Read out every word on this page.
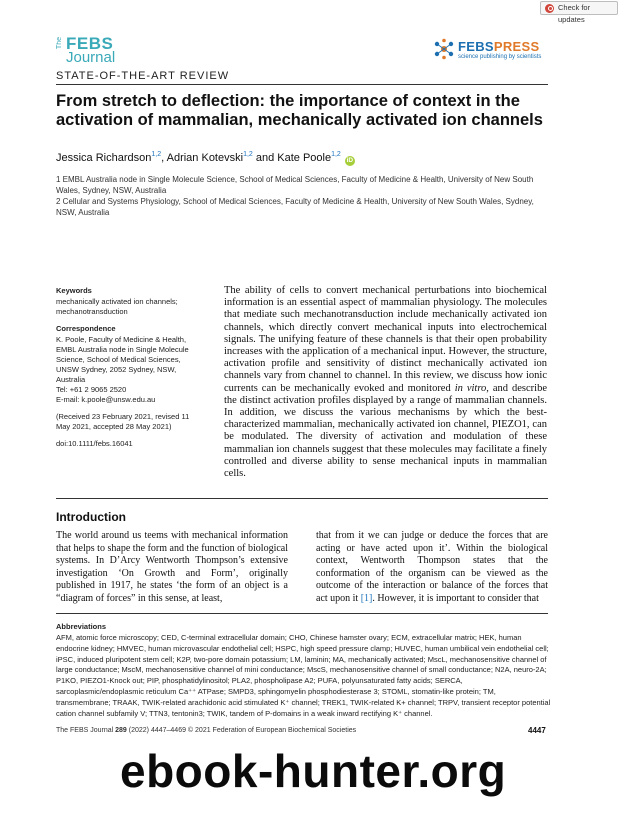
Check for updates
The FEBS
Journal
FEBSPRESS
science publishing by scientists
STATE-OF-THE-ART REVIEW
From stretch to deflection: the importance of context in the activation of mammalian, mechanically activated ion channels
Jessica Richardson$^{1,2}$, Adrian Kotevski$^{1,2}$ and Kate Poole$^{1,2}$iD
1 EMBL Australia node in Single Molecule Science, School of Medical Sciences, Faculty of Medicine & Health, University of New South Wales, Sydney, NSW, Australia
2 Cellular and Systems Physiology, School of Medical Sciences, Faculty of Medicine & Health, University of New South Wales, Sydney, NSW, Australia
Keywords
mechanically activated ion channels;
mechanotransduction
Correspondence
K. Poole, Faculty of Medicine & Health,
EMBL Australia node in Single Molecule
Science, School of Medical Sciences,
UNSW Sydney, 2052 Sydney, NSW,
Australia
Tel: +61 2 9065 2520
E-mail: k.poole@unsw.edu.au
(Received 23 February 2021, revised 11
May 2021, accepted 28 May 2021)
doi:10.1111/febs.16041

The ability of cells to convert mechanical perturbations into biochemical information is an essential aspect of mammalian physiology. The molecules that mediate such mechanotransduction include mechanically activated ion channels, which directly convert mechanical inputs into electrochemical signals. The unifying feature of these channels is that their open probability increases with the application of a mechanical input. However, the structure, activation profile and sensitivity of distinct mechanically activated ion channels vary from channel to channel. In this review, we discuss how ionic currents can be mechanically evoked and monitored in vitro, and describe the distinct activation profiles displayed by a range of mammalian channels. In addition, we discuss the various mechanisms by which the best-characterized mammalian, mechanically activated ion channel, PIEZO1, can be modulated. The diversity of activation and modulation of these mammalian ion channels suggest that these molecules may facilitate a finely controlled and diverse ability to sense mechanical inputs in mammalian cells.

Introduction
The world around us teems with mechanical information that helps to shape the form and the function of biological systems. In D’Arcy Wentworth Thompson’s extensive investigation ‘On Growth and Form’, originally published in 1917, he states ‘the form of an object is a “diagram of forces” in this sense, at least,
that from it we can judge or deduce the forces that are acting or have acted upon it’. Within the biological context, Wentworth Thompson states that the conformation of the organism can be viewed as the outcome of the interaction or balance of the forces that act upon it [1]. However, it is important to consider that
Abbreviations
AFM, atomic force microscopy; CED, C-terminal extracellular domain; CHO, Chinese hamster ovary; ECM, extracellular matrix; HEK, human endocrine kidney; HMVEC, human microvascular endothelial cell; HSPC, high speed pressure clamp; HUVEC, human umbilical vein endothelial cell; iPSC, induced pluripotent stem cell; K2P, two-pore domain potassium; LM, laminin; MA, mechanically activated; MscL, mechanosensitive channel of large conductance; MscM, mechanosensitive channel of mini conductance; MscS, mechanosensitive channel of small conductance; N2A, neuro-2A; P1KO, PIEZO1-Knock out; PIP, phosphatidylinositol; PLA2, phospholipase A2; PUFA, polyunsaturated fatty acids; SERCA, sarcoplasmic/endoplasmic reticulum Ca⁺⁺ ATPase; SMPD3, sphingomyelin phosphodiesterase 3; STOML, stomatin-like protein; TM, transmembrane; TRAAK, TWIK-related arachidonic acid stimulated K⁺ channel; TREK1, TWIK-related K+ channel; TRPV, transient receptor potential cation channel subfamily V; TTN3, tentonin3; TWIK, tandem of P-domains in a weak inward rectifying K⁺ channel.
The FEBS Journal 289 (2022) 4447–4469 © 2021 Federation of European Biochemical Societies	4447
ebook-hunter.org
